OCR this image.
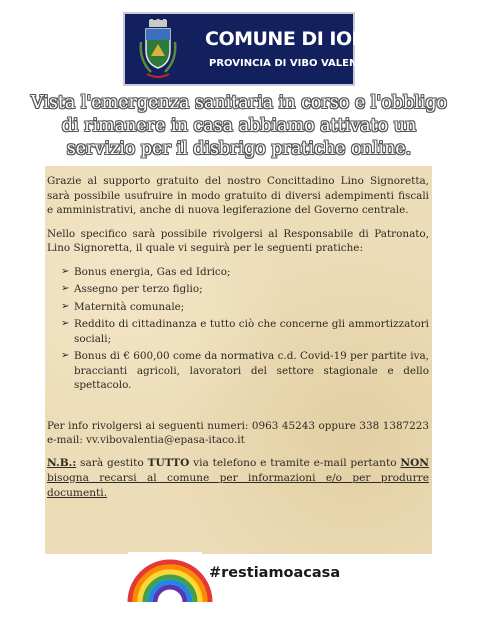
COMUNE DI IONADI
PROVINCIA DI VIBO VALENTIA
Vista l'emergenza sanitaria in corso e l'obbligo
di rimanere in casa abbiamo attivato un
servizio per il disbrigo pratiche online.

Grazie al supporto gratuito del nostro Concittadino Lino Signoretta, sarà possibile usufruire in modo gratuito di diversi adempimenti fiscali e amministrativi, anche di nuova legiferazione del Governo centrale.

Nello specifico sarà possibile rivolgersi al Responsabile di Patronato, Lino Signoretta, il quale vi seguirà per le seguenti pratiche:

➢ Bonus energia, Gas ed Idrico;
➢ Assegno per terzo figlio;
➢ Maternità comunale;
➢ Reddito di cittadinanza e tutto ciò che concerne gli ammortizzatori sociali;
➢ Bonus di € 600,00 come da normativa c.d. Covid-19 per partite iva, braccianti agricoli, lavoratori del settore stagionale e dello spettacolo.

Per info rivolgersi ai seguenti numeri: 0963 45243 oppure 338 1387223 e-mail: vv.vibovalentia@epasa-itaco.it

N.B.: sarà gestito TUTTO via telefono e tramite e-mail pertanto NON bisogna recarsi al comune per informazioni e/o per produrre documenti.

#restiamoacasa
